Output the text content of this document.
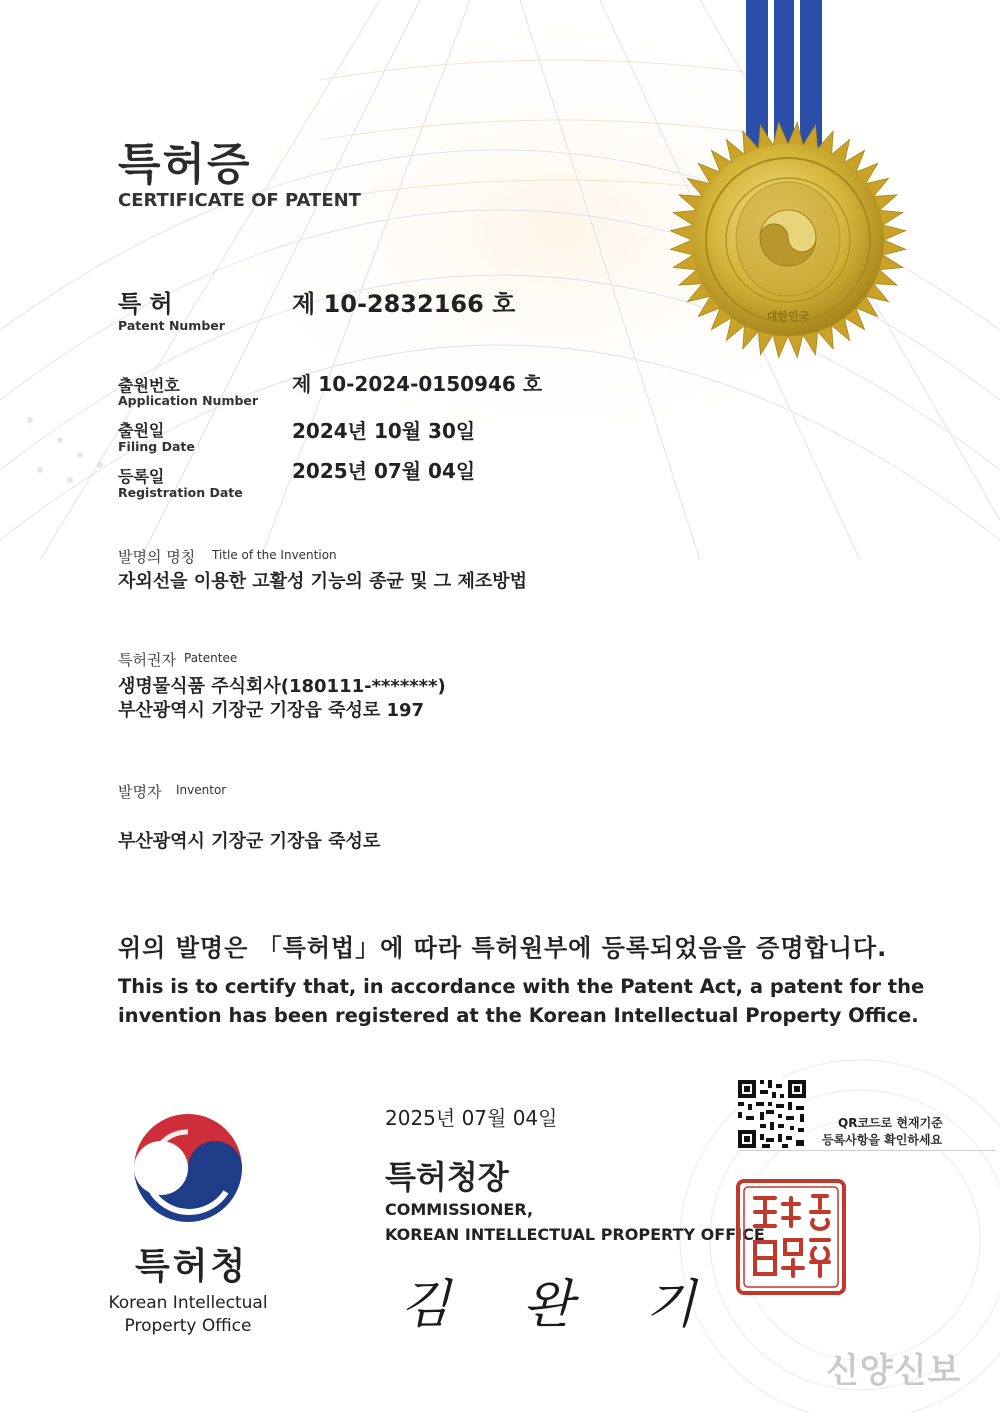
대한민국
특허증
CERTIFICATE OF PATENT
특 허
Patent Number
제 10-2832166 호
출원번호
Application Number
제 10-2024-0150946 호
출원일
Filing Date
2024년 10월 30일
등록일
Registration Date
2025년 07월 04일
발명의 명칭 Title of the Invention
자외선을 이용한 고활성 기능의 종균 및 그 제조방법
특허권자 Patentee
생명물식품 주식회사(180111-*******)
부산광역시 기장군 기장읍 죽성로 197
발명자 Inventor
부산광역시 기장군 기장읍 죽성로
위의 발명은 「특허법」에 따라 특허원부에 등록되었음을 증명합니다.
This is to certify that, in accordance with the Patent Act, a patent for the
invention has been registered at the Korean Intellectual Property Office.
2025년 07월 04일	QR코드로 현재기준
등록사항을 확인하세요
특허청장
COMMISSIONER,
KOREAN INTELLECTUAL PROPERTY OFFICE
김 완 기
특허청장인
특허청
Korean Intellectual
Property Office
신양신보
